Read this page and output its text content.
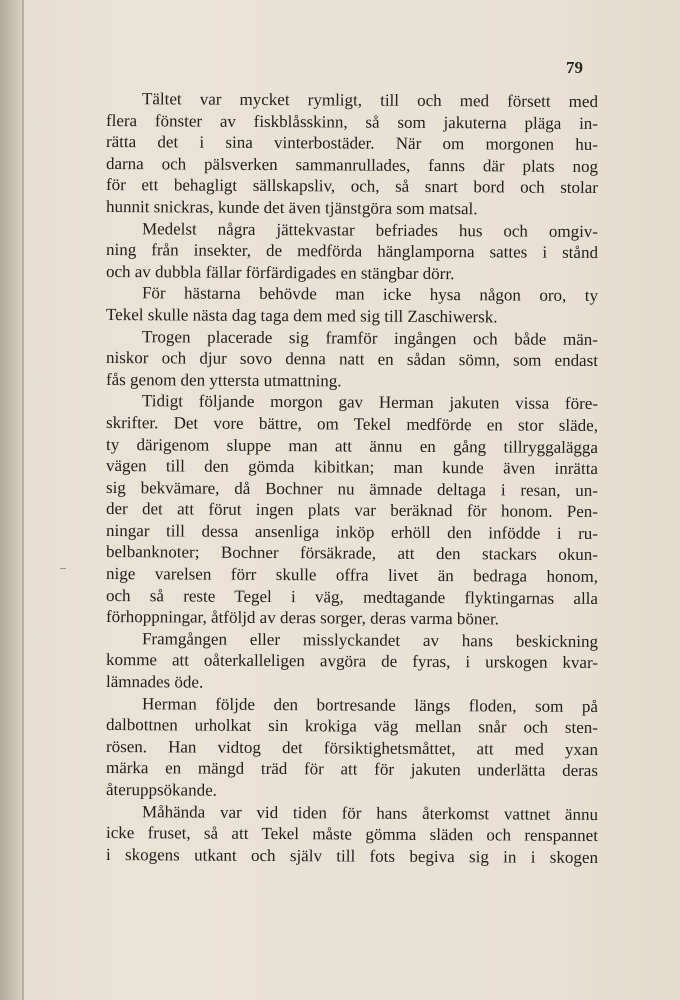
79
Tältet var mycket rymligt, till och med försett med
flera fönster av fiskblåsskinn, så som jakuterna pläga in-
rätta det i sina vinterbostäder. När om morgonen hu-
darna och pälsverken sammanrullades, fanns där plats nog
för ett behagligt sällskapsliv, och, så snart bord och stolar
hunnit snickras, kunde det även tjänstgöra som matsal.
Medelst några jättekvastar befriades hus och omgiv-
ning från insekter, de medförda hänglamporna sattes i stånd
och av dubbla fällar förfärdigades en stängbar dörr.
För hästarna behövde man icke hysa någon oro, ty
Tekel skulle nästa dag taga dem med sig till Zaschiwersk.
Trogen placerade sig framför ingången och både män-
niskor och djur sovo denna natt en sådan sömn, som endast
fås genom den yttersta utmattning.
Tidigt följande morgon gav Herman jakuten vissa före-
skrifter. Det vore bättre, om Tekel medförde en stor släde,
ty därigenom sluppe man att ännu en gång tillryggalägga
vägen till den gömda kibitkan; man kunde även inrätta
sig bekvämare, då Bochner nu ämnade deltaga i resan, un-
der det att förut ingen plats var beräknad för honom. Pen-
ningar till dessa ansenliga inköp erhöll den infödde i ru-
belbanknoter; Bochner försäkrade, att den stackars okun-
nige varelsen förr skulle offra livet än bedraga honom,
och så reste Tegel i väg, medtagande flyktingarnas alla
förhoppningar, åtföljd av deras sorger, deras varma böner.
Framgången eller misslyckandet av hans beskickning
komme att oåterkalleligen avgöra de fyras, i urskogen kvar-
lämnades öde.
Herman följde den bortresande längs floden, som på
dalbottnen urholkat sin krokiga väg mellan snår och sten-
rösen. Han vidtog det försiktighetsmåttet, att med yxan
märka en mängd träd för att för jakuten underlätta deras
återuppsökande.
Måhända var vid tiden för hans återkomst vattnet ännu
icke fruset, så att Tekel måste gömma släden och renspannet
i skogens utkant och själv till fots begiva sig in i skogen
